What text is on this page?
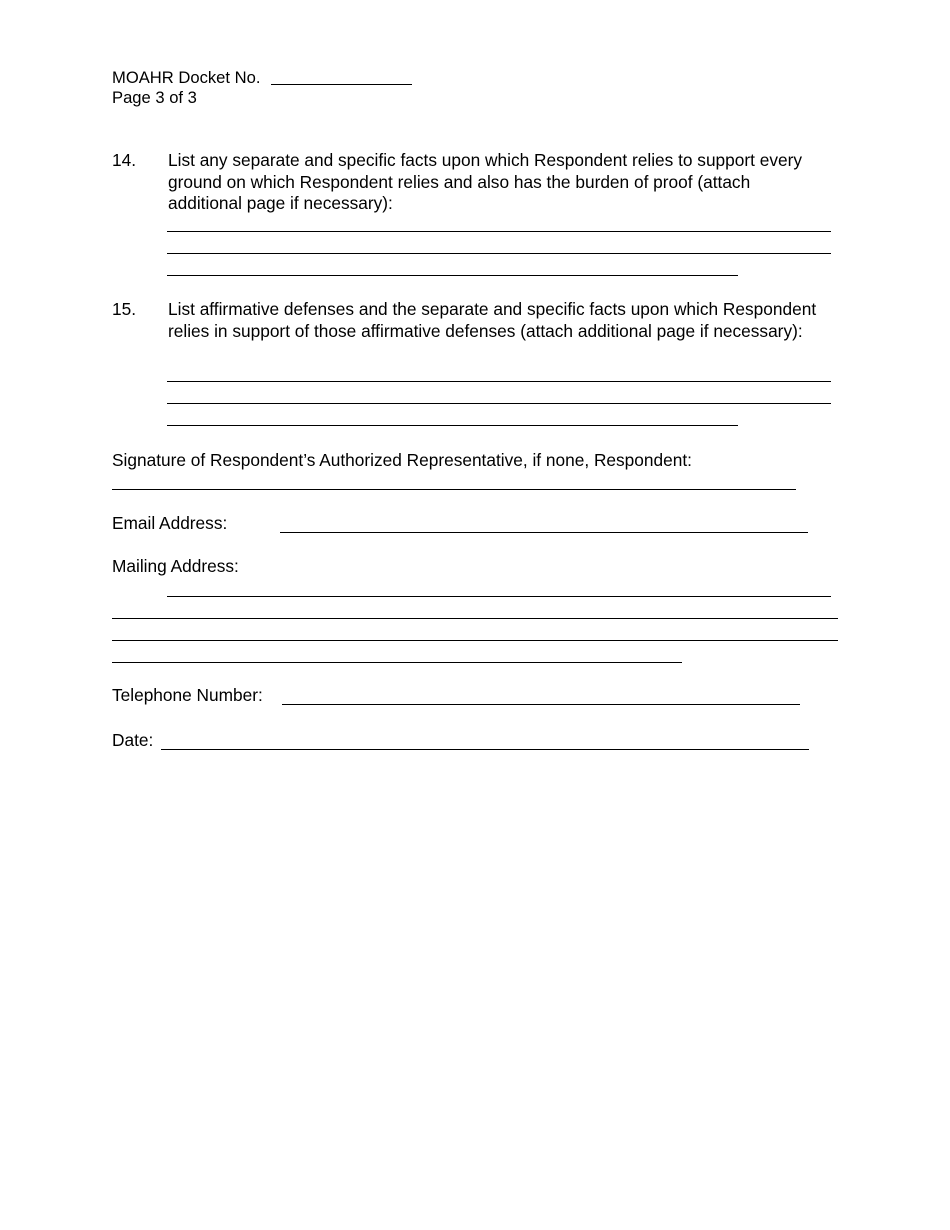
MOAHR Docket No.
Page 3 of 3
14. List any separate and specific facts upon which Respondent relies to support every ground on which Respondent relies and also has the burden of proof (attach additional page if necessary):
15. List affirmative defenses and the separate and specific facts upon which Respondent relies in support of those affirmative defenses (attach additional page if necessary):
Signature of Respondent’s Authorized Representative, if none, Respondent:
Email Address:
Mailing Address:
Telephone Number:
Date:
